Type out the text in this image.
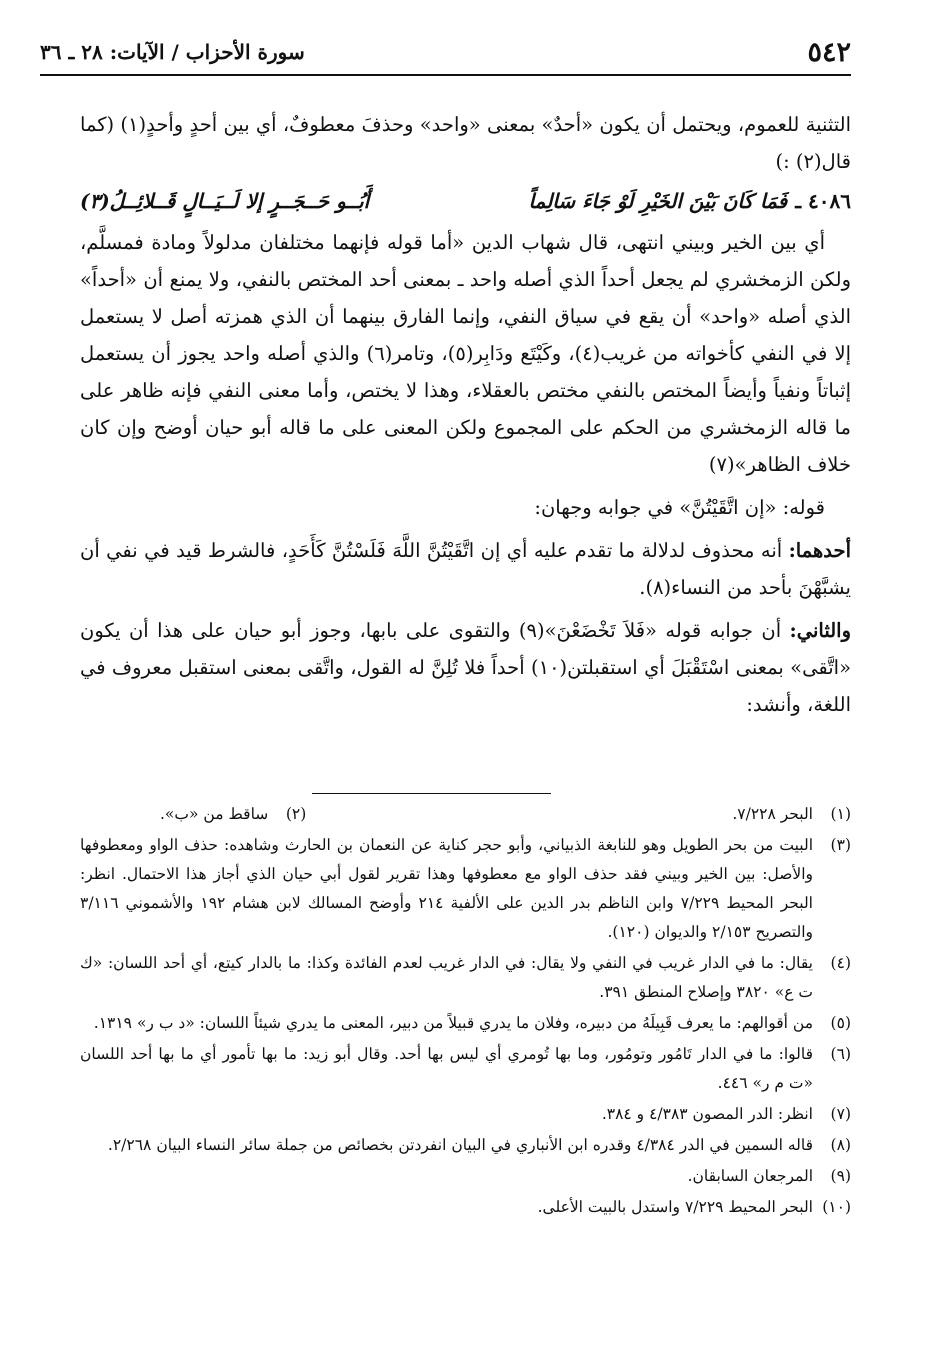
٥٤٢
سورة الأحزاب / الآيات: ٢٨ ـ ٣٦

التثنية للعموم، ويحتمل أن يكون «أحدٌ» بمعنى «واحد» وحذفَ معطوفٌ، أي بين أحدٍ وأحدٍ(١) (كما قال(٢) :)

٤٠٨٦ ـ
فَمَا كَانَ بَيْنَ الخَيْرِ لَوْ جَاءَ سَالِماً
أَبُــو حَــجَــرٍ إلا لَــيَــالٍ قَــلائِــلُ(٣)

أي بين الخير وبيني انتهى، قال شهاب الدين «أما قوله فإنهما مختلفان مدلولاً ومادة فمسلَّم، ولكن الزمخشري لم يجعل أحداً الذي أصله واحد ـ بمعنى أحد المختص بالنفي، ولا يمنع أن «أحداً» الذي أصله «واحد» أن يقع في سياق النفي، وإنما الفارق بينهما أن الذي همزته أصل لا يستعمل إلا في النفي كأخواته من غريب(٤)، وكَيْتَع ودَابِر(٥)، وتامر(٦) والذي أصله واحد يجوز أن يستعمل إثباتاً ونفياً وأيضاً المختص بالنفي مختص بالعقلاء، وهذا لا يختص، وأما معنى النفي فإنه ظاهر على ما قاله الزمخشري من الحكم على المجموع ولكن المعنى على ما قاله أبو حيان أوضح وإن كان خلاف الظاهر»(٧)

قوله: «إن اتَّقَيْتُنَّ» في جوابه وجهان:

أحدهما: أنه محذوف لدلالة ما تقدم عليه أي إن اتَّقَيْتُنَّ اللَّهَ فَلَسْتُنَّ كَأَحَدٍ، فالشرط قيد في نفي أن يشبَّهْنَ بأحد من النساء(٨).

والثاني: أن جوابه قوله «فَلاَ تَخْضَعْنَ»(٩) والتقوى على بابها، وجوز أبو حيان على هذا أن يكون «اتَّقى» بمعنى اسْتَقْبَلَ أي استقبلتن(١٠) أحداً فلا تُلِنَّ له القول، واتَّقى بمعنى استقبل معروف في اللغة، وأنشد:

(١)
البحر ٧/٢٢٨.
(٢)
ساقط من «ب».
(٣)
البيت من بحر الطويل وهو للنابغة الذبياني، وأبو حجر كناية عن النعمان بن الحارث وشاهده: حذف الواو ومعطوفها والأصل: بين الخير وبيني فقد حذف الواو مع معطوفها وهذا تقرير لقول أبي حيان الذي أجاز هذا الاحتمال. انظر: البحر المحيط ٧/٢٢٩ وابن الناظم بدر الدين على الألفية ٢١٤ وأوضح المسالك لابن هشام ١٩٢ والأشموني ٣/١١٦ والتصريح ٢/١٥٣ والديوان (١٢٠).
(٤)
يقال: ما في الدار غريب في النفي ولا يقال: في الدار غريب لعدم الفائدة وكذا: ما بالدار كيتع، أي أحد اللسان: «ك ت ع» ٣٨٢٠ وإصلاح المنطق ٣٩١.
(٥)
من أقوالهم: ما يعرف قَبِيلَهُ من دبيره، وفلان ما يدري قبيلاً من دبير، المعنى ما يدري شيئاً اللسان: «د ب ر» ١٣١٩.
(٦)
قالوا: ما في الدار تَامُور وتومُور، وما بها تُومري أي ليس بها أحد. وقال أبو زيد: ما بها تأمور أي ما بها أحد اللسان «ت م ر» ٤٤٦.
(٧)
انظر: الدر المصون ٤/٣٨٣ و ٣٨٤.
(٨)
قاله السمين في الدر ٤/٣٨٤ وقدره ابن الأنباري في البيان انفردتن بخصائص من جملة سائر النساء البيان ٢/٢٦٨.
(٩)
المرجعان السابقان.
(١٠)
البحر المحيط ٧/٢٢٩ واستدل بالبيت الأعلى.
